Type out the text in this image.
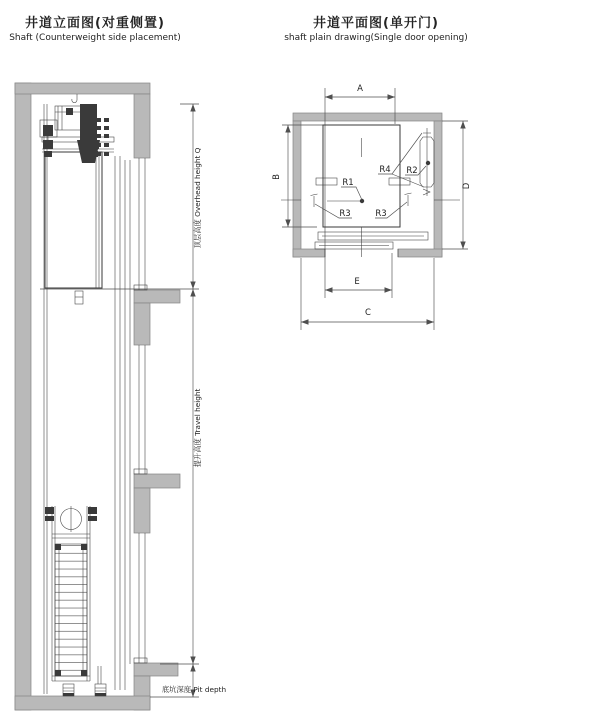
井道立面图(对重侧置)
Shaft (Counterweight side placement)
井道平面图(单开门)
shaft plain drawing(Single door opening)
顶层高度 Overhead height Q
提升高度 Travel height
底坑深度 Pit depth
A
B
D
E
C
R1
R3	R3
R4 R2
